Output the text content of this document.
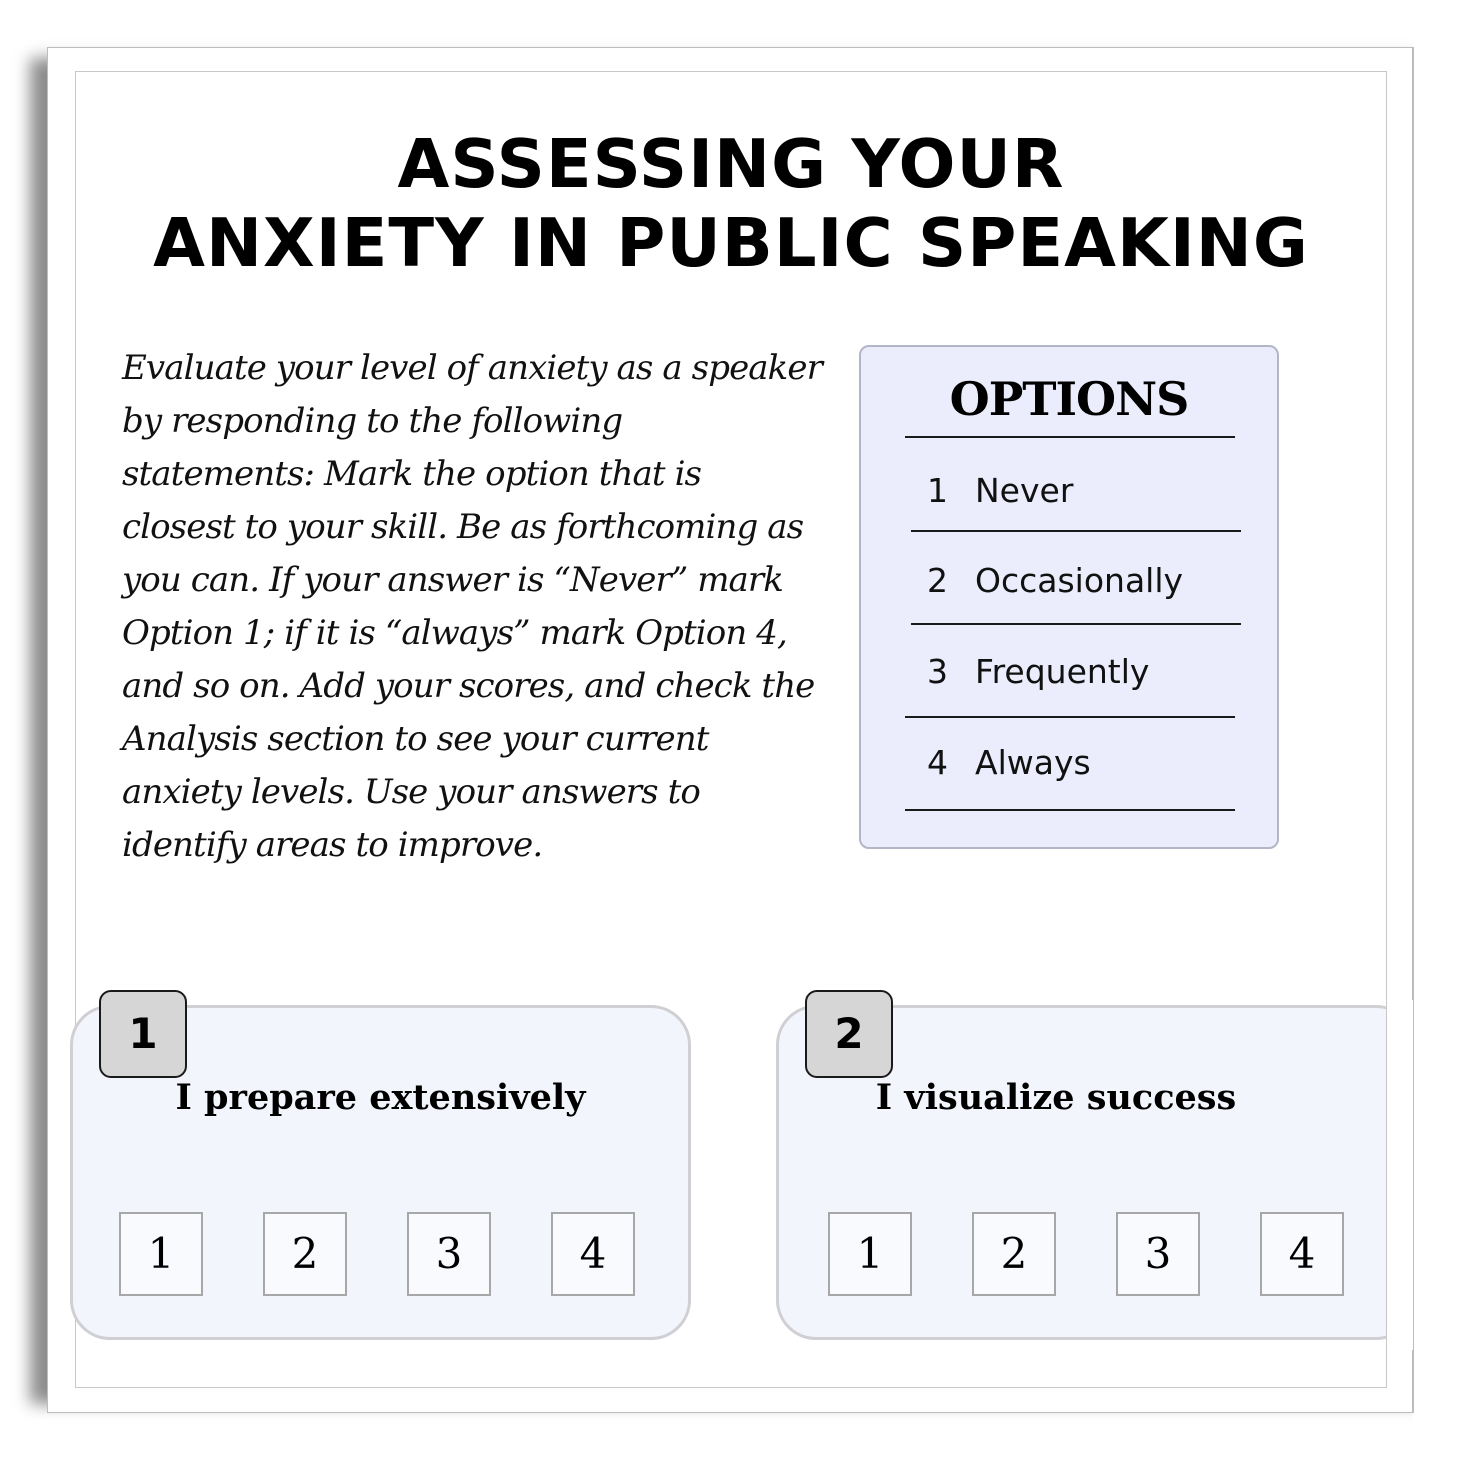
ASSESSING YOUR
ANXIETY IN PUBLIC SPEAKING

Evaluate your level of anxiety as a speaker by responding to the following statements: Mark the option that is closest to your skill. Be as forthcoming as you can. If your answer is “Never” mark Option 1; if it is “always” mark Option 4, and so on. Add your scores, and check the Analysis section to see your current anxiety levels. Use your answers to identify areas to improve.

OPTIONS
1 Never
2 Occasionally
3 Frequently
4 Always
1
I prepare extensively
1	2	3	4
2
I visualize success
1	2	3	4
